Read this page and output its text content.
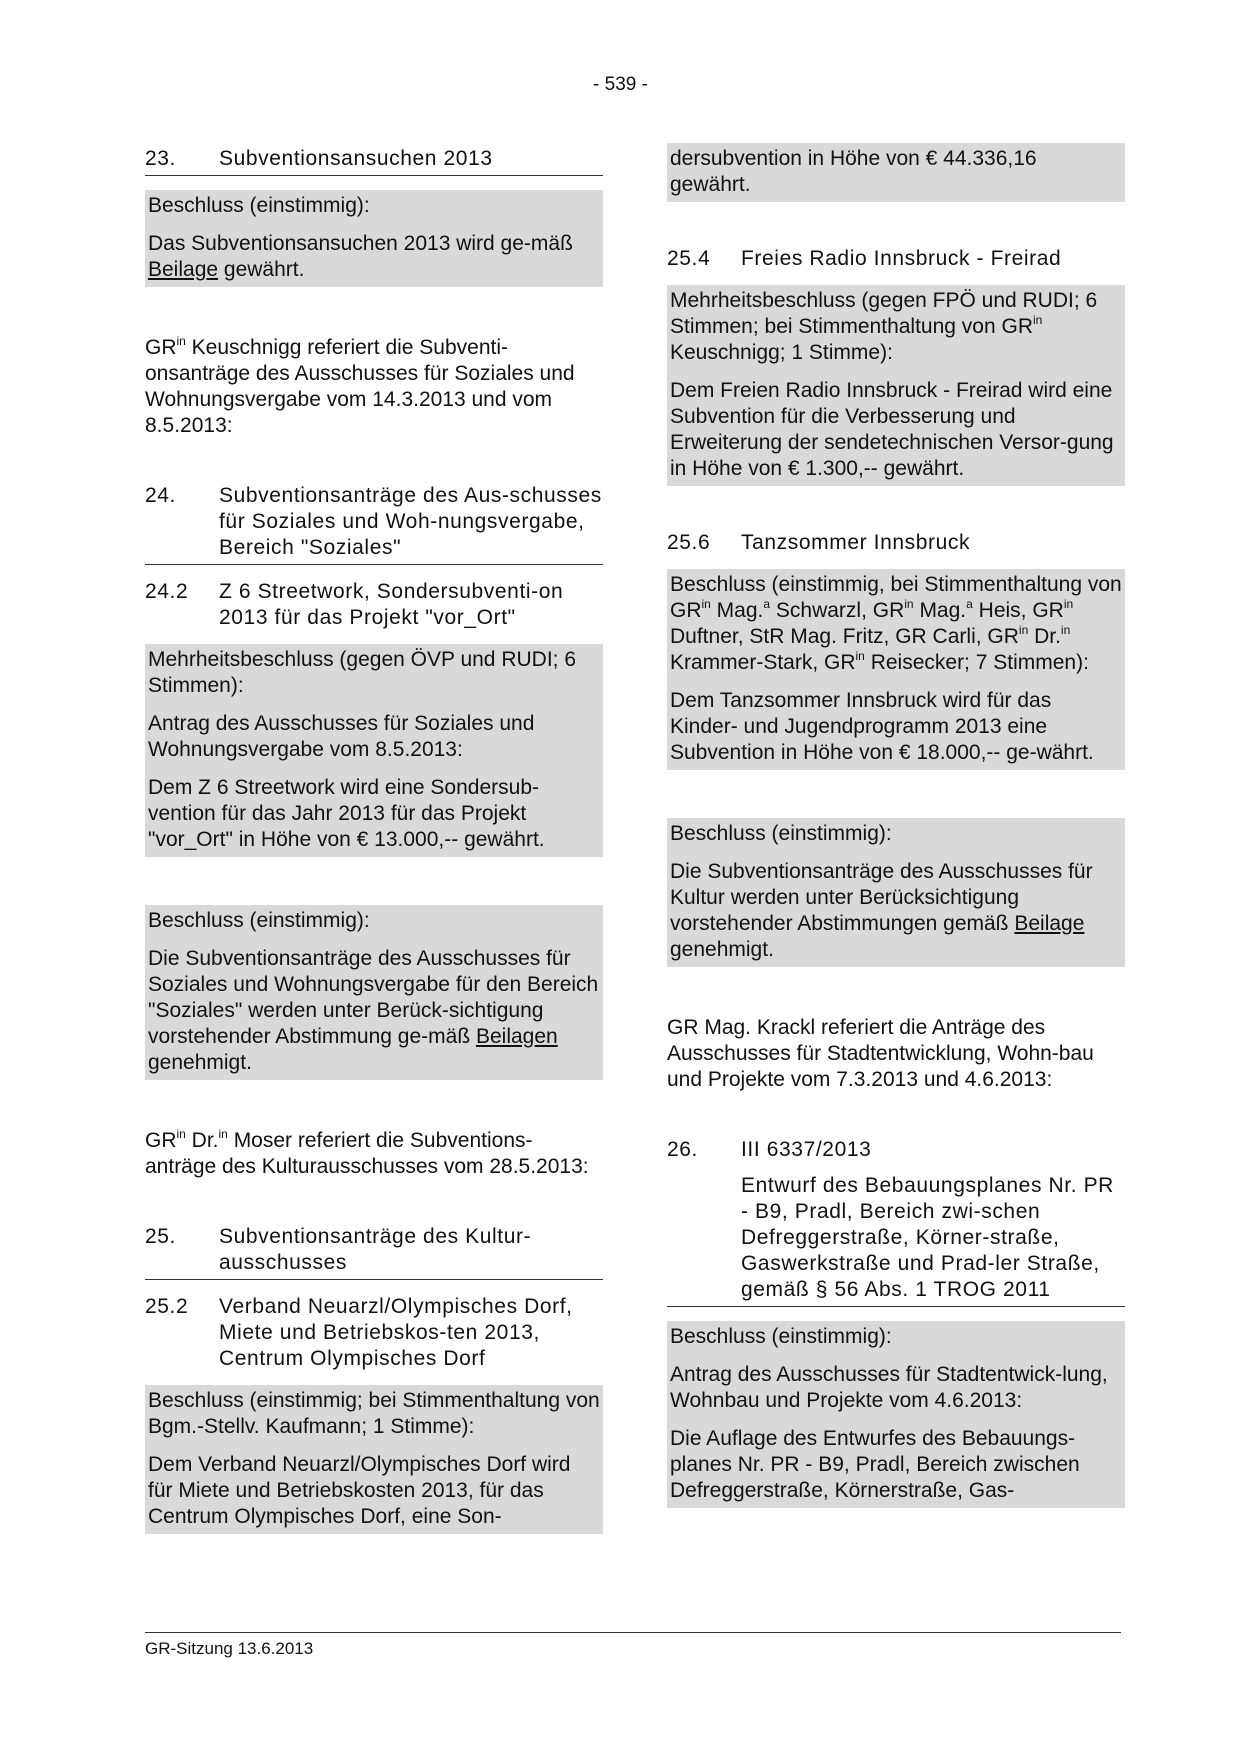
- 539 -
23.	Subventionsansuchen 2013

Beschluss (einstimmig):

Das Subventionsansuchen 2013 wird ge-mäß Beilage gewährt.

$GR^{in}$ Keuschnigg referiert die Subventi-onsanträge des Ausschusses für Soziales und Wohnungsvergabe vom 14.3.2013 und vom 8.5.2013:

24.	Subventionsanträge des Aus-schusses für Soziales und Woh-nungsvergabe, Bereich "Soziales"
24.2	Z 6 Streetwork, Sondersubventi-on 2013 für das Projekt "vor_Ort"

Mehrheitsbeschluss (gegen ÖVP und RUDI; 6 Stimmen):

Antrag des Ausschusses für Soziales und Wohnungsvergabe vom 8.5.2013:

Dem Z 6 Streetwork wird eine Sondersub-vention für das Jahr 2013 für das Projekt "vor_Ort" in Höhe von € 13.000,-- gewährt.

Beschluss (einstimmig):

Die Subventionsanträge des Ausschusses für Soziales und Wohnungsvergabe für den Bereich "Soziales" werden unter Berück-sichtigung vorstehender Abstimmung ge-mäß Beilagen genehmigt.

$GR^{in}$ Dr.$^{in}$ Moser referiert die Subventions-anträge des Kulturausschusses vom 28.5.2013:

25.	Subventionsanträge des Kultur-ausschusses
25.2	Verband Neuarzl/Olympisches Dorf, Miete und Betriebskos-ten 2013, Centrum Olympisches Dorf

Beschluss (einstimmig; bei Stimmenthaltung von Bgm.-Stellv. Kaufmann; 1 Stimme):

Dem Verband Neuarzl/Olympisches Dorf wird für Miete und Betriebskosten 2013, für das Centrum Olympisches Dorf, eine Son-

dersubvention in Höhe von € 44.336,16 gewährt.

25.4	Freies Radio Innsbruck - Freirad

Mehrheitsbeschluss (gegen FPÖ und RUDI; 6 Stimmen; bei Stimmenthaltung von $GR^{in}$ Keuschnigg; 1 Stimme):

Dem Freien Radio Innsbruck - Freirad wird eine Subvention für die Verbesserung und Erweiterung der sendetechnischen Versor-gung in Höhe von € 1.300,-- gewährt.

25.6	Tanzsommer Innsbruck

Beschluss (einstimmig, bei Stimmenthaltung von $GR^{in}$ Mag.$^a$ Schwarzl, $GR^{in}$ Mag.$^a$ Heis, $GR^{in}$ Duftner, StR Mag. Fritz, GR Carli, $GR^{in}$ Dr.$^{in}$ Krammer-Stark, $GR^{in}$ Reisecker; 7 Stimmen):

Dem Tanzsommer Innsbruck wird für das Kinder- und Jugendprogramm 2013 eine Subvention in Höhe von € 18.000,-- ge-währt.

Beschluss (einstimmig):

Die Subventionsanträge des Ausschusses für Kultur werden unter Berücksichtigung vorstehender Abstimmungen gemäß Beilage genehmigt.

GR Mag. Krackl referiert die Anträge des Ausschusses für Stadtentwicklung, Wohn-bau und Projekte vom 7.3.2013 und 4.6.2013:

26.	III 6337/2013
Entwurf des Bebauungsplanes Nr. PR - B9, Pradl, Bereich zwi-schen Defreggerstraße, Körner-straße, Gaswerkstraße und Prad-ler Straße, gemäß § 56 Abs. 1 TROG 2011

Beschluss (einstimmig):

Antrag des Ausschusses für Stadtentwick-lung, Wohnbau und Projekte vom 4.6.2013:

Die Auflage des Entwurfes des Bebauungs-planes Nr. PR - B9, Pradl, Bereich zwischen Defreggerstraße, Körnerstraße, Gas-

GR-Sitzung 13.6.2013
